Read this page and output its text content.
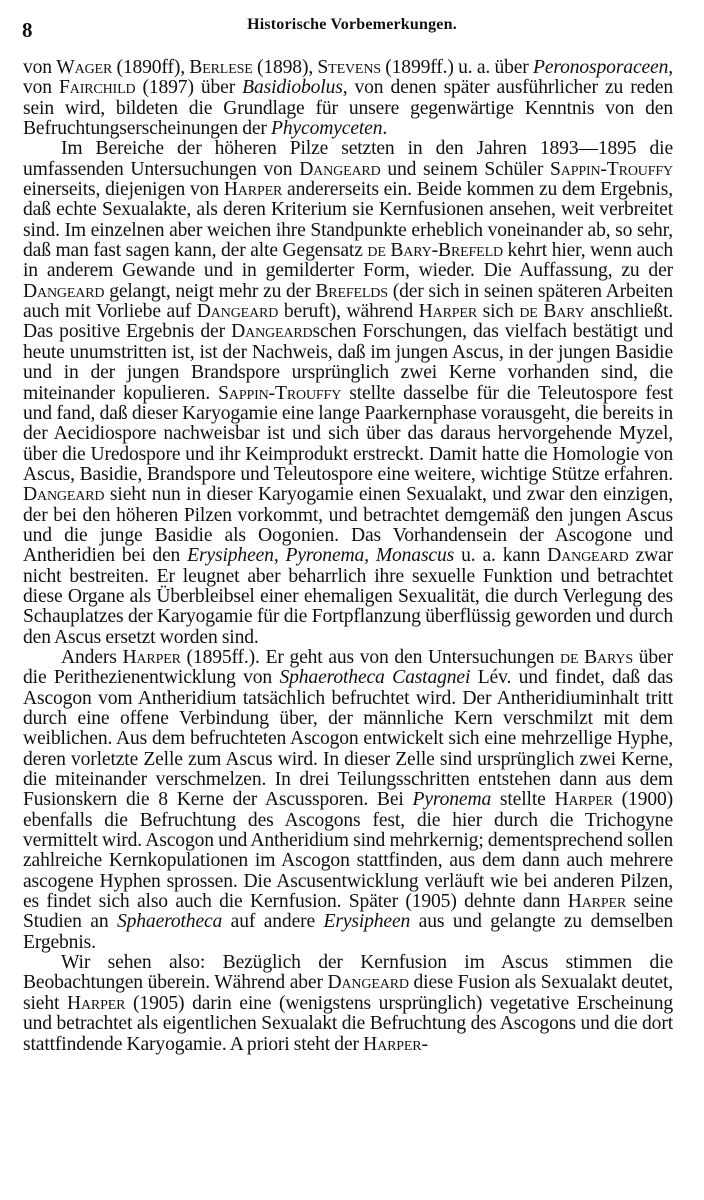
8	Historische Vorbemerkungen.

von Wager (1890ff), Berlese (1898), Stevens (1899ff.) u. a. über Peronosporaceen, von Fairchild (1897) über Basidiobolus, von denen später ausführlicher zu reden sein wird, bildeten die Grundlage für unsere gegenwärtige Kenntnis von den Befruchtungserscheinungen der Phycomyceten.

Im Bereiche der höheren Pilze setzten in den Jahren 1893—1895 die umfassenden Untersuchungen von Dangeard und seinem Schüler Sappin-Trouffy einerseits, diejenigen von Harper andererseits ein. Beide kommen zu dem Ergebnis, daß echte Sexualakte, als deren Kriterium sie Kernfusionen ansehen, weit verbreitet sind. Im einzelnen aber weichen ihre Standpunkte erheblich voneinander ab, so sehr, daß man fast sagen kann, der alte Gegensatz de Bary-Brefeld kehrt hier, wenn auch in anderem Gewande und in gemilderter Form, wieder. Die Auffassung, zu der Dangeard gelangt, neigt mehr zu der Brefelds (der sich in seinen späteren Arbeiten auch mit Vorliebe auf Dangeard beruft), während Harper sich de Bary anschließt. Das positive Ergebnis der Dangeardschen Forschungen, das vielfach bestätigt und heute unumstritten ist, ist der Nachweis, daß im jungen Ascus, in der jungen Basidie und in der jungen Brandspore ursprünglich zwei Kerne vorhanden sind, die miteinander kopulieren. Sappin-Trouffy stellte dasselbe für die Teleutospore fest und fand, daß dieser Karyogamie eine lange Paarkernphase vorausgeht, die bereits in der Aecidiospore nachweisbar ist und sich über das daraus hervorgehende Myzel, über die Uredospore und ihr Keimprodukt erstreckt. Damit hatte die Homologie von Ascus, Basidie, Brandspore und Teleutospore eine weitere, wichtige Stütze erfahren. Dangeard sieht nun in dieser Karyogamie einen Sexualakt, und zwar den einzigen, der bei den höheren Pilzen vorkommt, und betrachtet demgemäß den jungen Ascus und die junge Basidie als Oogonien. Das Vorhandensein der Ascogone und Antheridien bei den Erysipheen, Pyronema, Monascus u. a. kann Dangeard zwar nicht bestreiten. Er leugnet aber beharrlich ihre sexuelle Funktion und betrachtet diese Organe als Überbleibsel einer ehemaligen Sexualität, die durch Verlegung des Schauplatzes der Karyogamie für die Fortpflanzung überflüssig geworden und durch den Ascus ersetzt worden sind.

Anders Harper (1895ff.). Er geht aus von den Untersuchungen de Barys über die Perithezienentwicklung von Sphaerotheca Castagnei Lév. und findet, daß das Ascogon vom Antheridium tatsächlich befruchtet wird. Der Antheridiuminhalt tritt durch eine offene Verbindung über, der männliche Kern verschmilzt mit dem weiblichen. Aus dem befruchteten Ascogon entwickelt sich eine mehrzellige Hyphe, deren vorletzte Zelle zum Ascus wird. In dieser Zelle sind ursprünglich zwei Kerne, die miteinander verschmelzen. In drei Teilungsschritten entstehen dann aus dem Fusionskern die 8 Kerne der Ascussporen. Bei Pyronema stellte Harper (1900) ebenfalls die Befruchtung des Ascogons fest, die hier durch die Trichogyne vermittelt wird. Ascogon und Antheridium sind mehrkernig; dementsprechend sollen zahlreiche Kernkopulationen im Ascogon stattfinden, aus dem dann auch mehrere ascogene Hyphen sprossen. Die Ascusentwicklung verläuft wie bei anderen Pilzen, es findet sich also auch die Kernfusion. Später (1905) dehnte dann Harper seine Studien an Sphaerotheca auf andere Erysipheen aus und gelangte zu demselben Ergebnis.

Wir sehen also: Bezüglich der Kernfusion im Ascus stimmen die Beobachtungen überein. Während aber Dangeard diese Fusion als Sexualakt deutet, sieht Harper (1905) darin eine (wenigstens ursprünglich) vegetative Erscheinung und betrachtet als eigentlichen Sexualakt die Befruchtung des Ascogons und die dort stattfindende Karyogamie. A priori steht der Harper-
